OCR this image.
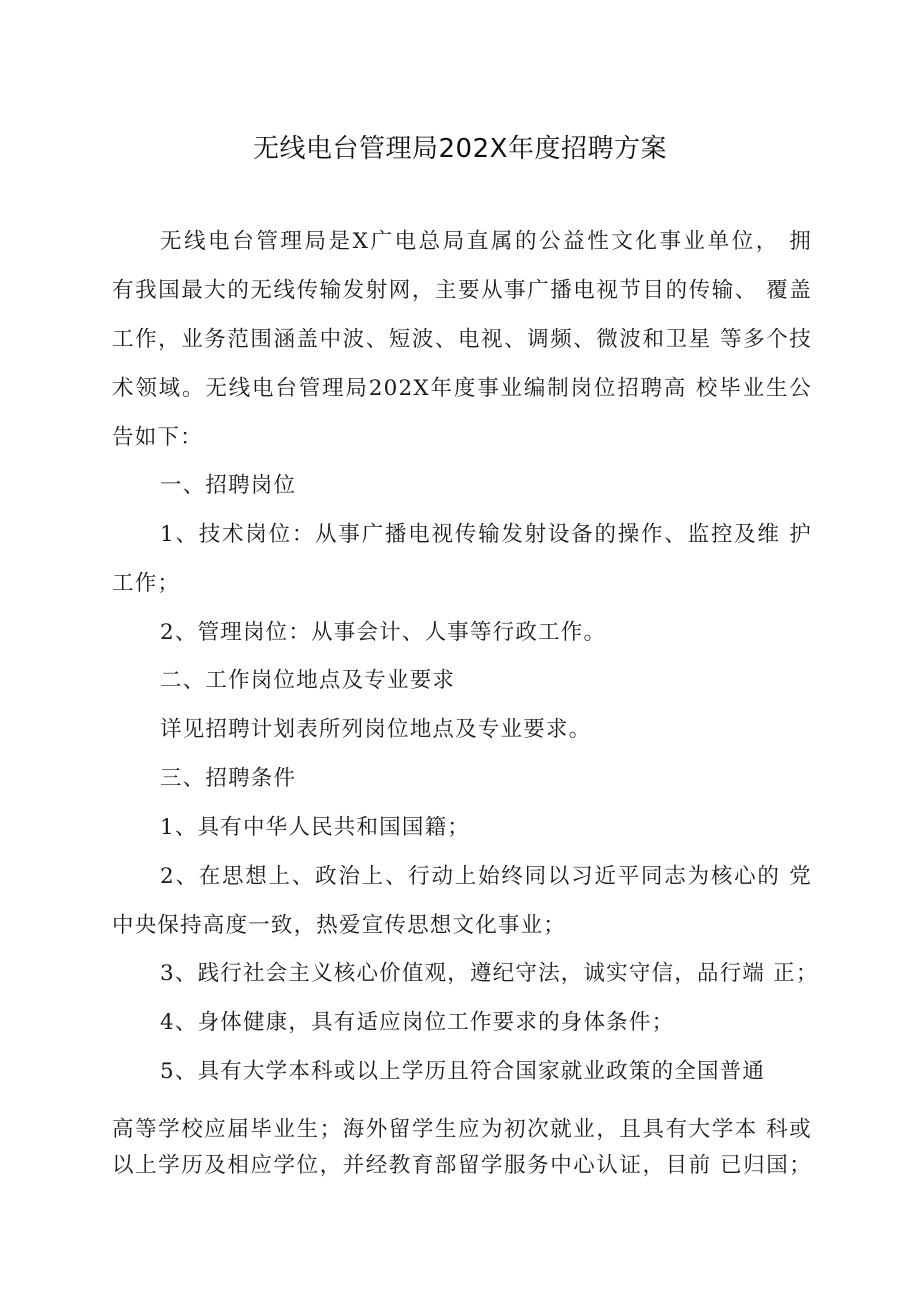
无线电台管理局202X年度招聘方案
无线电台管理局是X广电总局直属的公益性文化事业单位， 拥
有我国最大的无线传输发射网，主要从事广播电视节目的传输、 覆盖
工作，业务范围涵盖中波、短波、电视、调频、微波和卫星 等多个技
术领域。无线电台管理局202X年度事业编制岗位招聘高 校毕业生公
告如下：
一、招聘岗位
1、技术岗位：从事广播电视传输发射设备的操作、监控及维 护
工作；
2、管理岗位：从事会计、人事等行政工作。
二、工作岗位地点及专业要求
详见招聘计划表所列岗位地点及专业要求。
三、招聘条件
1、具有中华人民共和国国籍；
2、在思想上、政治上、行动上始终同以习近平同志为核心的 党
中央保持高度一致，热爱宣传思想文化事业；
3、践行社会主义核心价值观，遵纪守法，诚实守信，品行端 正；
4、身体健康，具有适应岗位工作要求的身体条件；
5、具有大学本科或以上学历且符合国家就业政策的全国普通
高等学校应届毕业生；海外留学生应为初次就业，且具有大学本 科或
以上学历及相应学位，并经教育部留学服务中心认证，目前 已归国；
